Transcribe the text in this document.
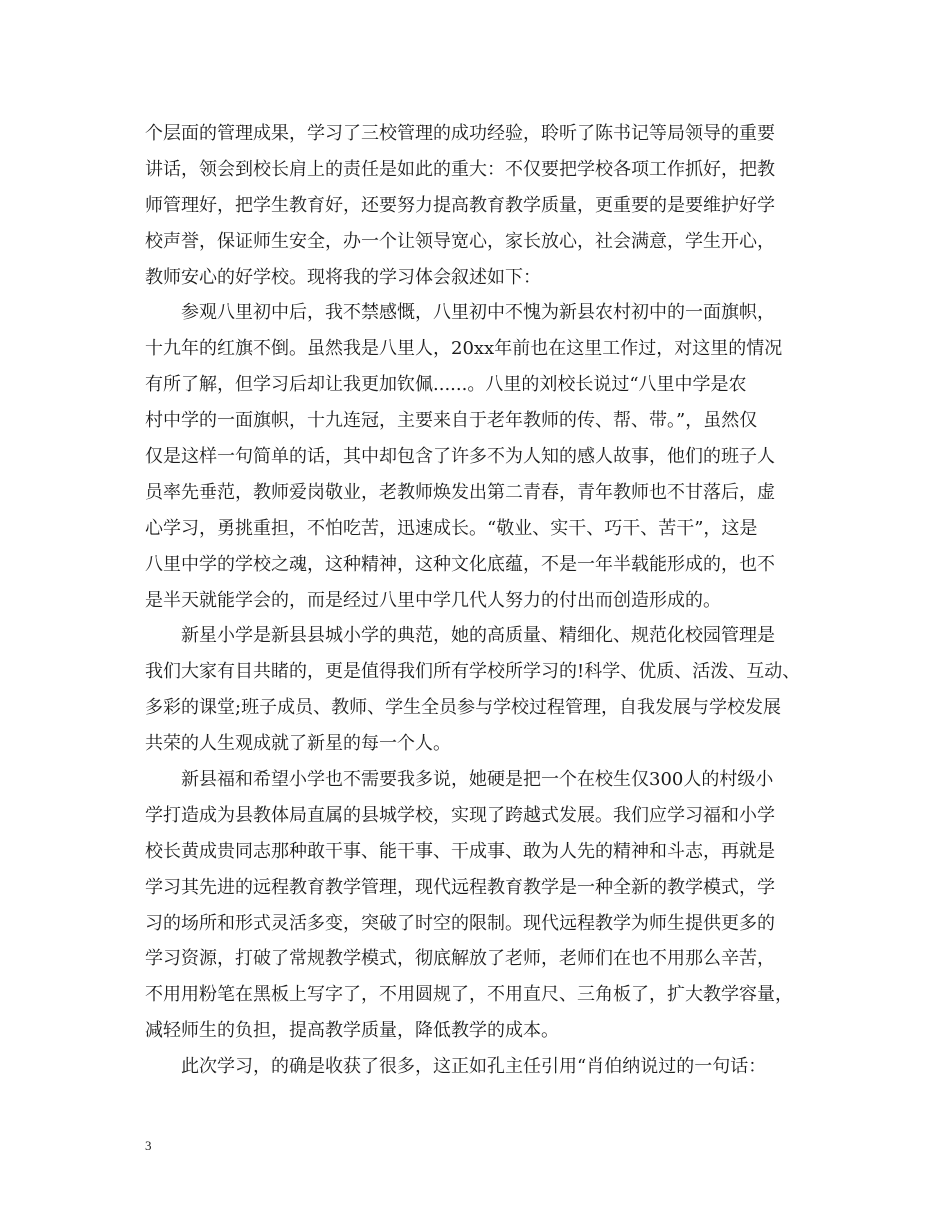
个层面的管理成果，学习了三校管理的成功经验，聆听了陈书记等局领导的重要
讲话，领会到校长肩上的责任是如此的重大：不仅要把学校各项工作抓好，把教
师管理好，把学生教育好，还要努力提高教育教学质量，更重要的是要维护好学
校声誉，保证师生安全，办一个让领导宽心，家长放心，社会满意，学生开心，
教师安心的好学校。现将我的学习体会叙述如下：
　　参观八里初中后，我不禁感慨，八里初中不愧为新县农村初中的一面旗帜，
十九年的红旗不倒。虽然我是八里人，20xx年前也在这里工作过，对这里的情况
有所了解，但学习后却让我更加钦佩......。八里的刘校长说过“八里中学是农
村中学的一面旗帜，十九连冠，主要来自于老年教师的传、帮、带。”，虽然仅
仅是这样一句简单的话，其中却包含了许多不为人知的感人故事，他们的班子人
员率先垂范，教师爱岗敬业，老教师焕发出第二青春，青年教师也不甘落后，虚
心学习，勇挑重担，不怕吃苦，迅速成长。“敬业、实干、巧干、苦干”，这是
八里中学的学校之魂，这种精神，这种文化底蕴，不是一年半载能形成的，也不
是半天就能学会的，而是经过八里中学几代人努力的付出而创造形成的。
　　新星小学是新县县城小学的典范，她的高质量、精细化、规范化校园管理是
我们大家有目共睹的，更是值得我们所有学校所学习的!科学、优质、活泼、互动、
多彩的课堂;班子成员、教师、学生全员参与学校过程管理，自我发展与学校发展
共荣的人生观成就了新星的每一个人。
　　新县福和希望小学也不需要我多说，她硬是把一个在校生仅300人的村级小
学打造成为县教体局直属的县城学校，实现了跨越式发展。我们应学习福和小学
校长黄成贵同志那种敢干事、能干事、干成事、敢为人先的精神和斗志，再就是
学习其先进的远程教育教学管理，现代远程教育教学是一种全新的教学模式，学
习的场所和形式灵活多变，突破了时空的限制。现代远程教学为师生提供更多的
学习资源，打破了常规教学模式，彻底解放了老师，老师们在也不用那么辛苦，
不用用粉笔在黑板上写字了，不用圆规了，不用直尺、三角板了，扩大教学容量，
减轻师生的负担，提高教学质量，降低教学的成本。
　　此次学习，的确是收获了很多，这正如孔主任引用“肖伯纳说过的一句话：
3
